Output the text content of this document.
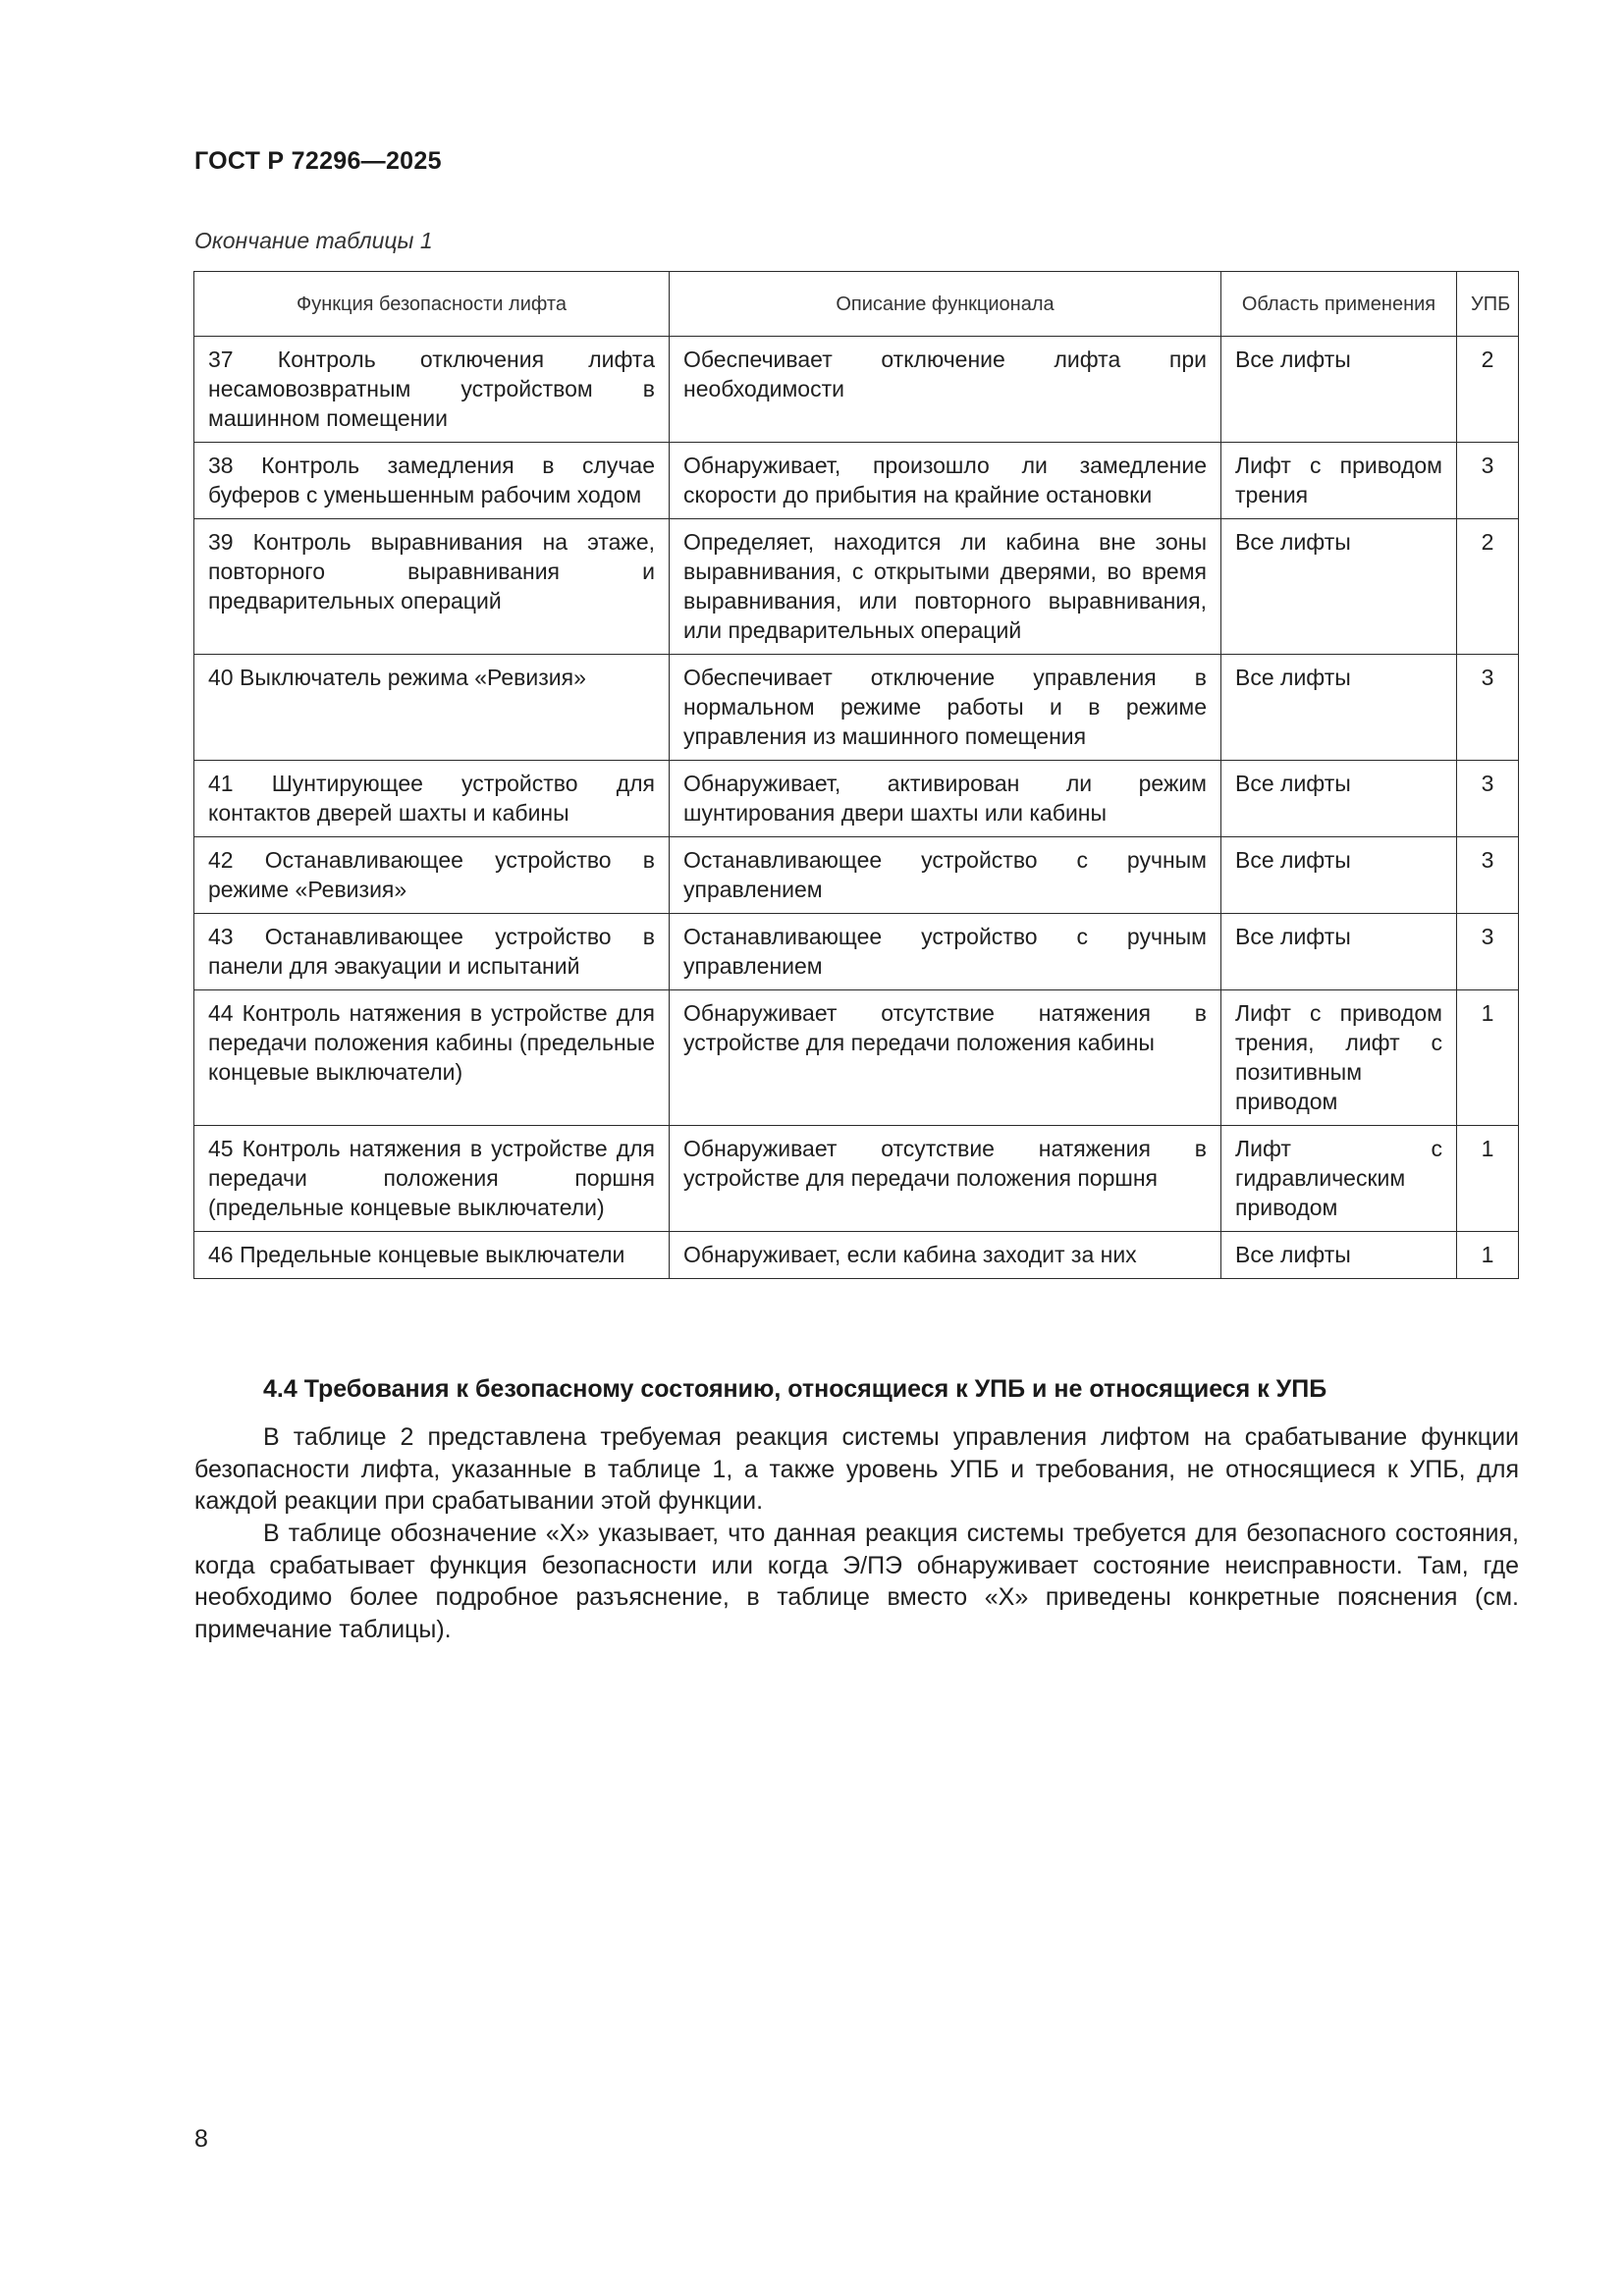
ГОСТ Р 72296—2025
Окончание таблицы 1
Функция безопасности лифта	Описание функционала	Область применения	УПБ
37 Контроль отключения лифта несамовозвратным устройством в машинном помещении	Обеспечивает отключение лифта при необходимости	Все лифты	2
38 Контроль замедления в случае буферов с уменьшенным рабочим ходом	Обнаруживает, произошло ли замедление скорости до прибытия на крайние остановки	Лифт с приводом трения	3
39 Контроль выравнивания на этаже, повторного выравнивания и предварительных операций	Определяет, находится ли кабина вне зоны выравнивания, с открытыми дверями, во время выравнивания, или повторного выравнивания, или предварительных операций	Все лифты	2
40 Выключатель режима «Ревизия»	Обеспечивает отключение управления в нормальном режиме работы и в режиме управления из машинного помещения	Все лифты	3
41 Шунтирующее устройство для контактов дверей шахты и кабины	Обнаруживает, активирован ли режим шунтирования двери шахты или кабины	Все лифты	3
42 Останавливающее устройство в режиме «Ревизия»	Останавливающее устройство с ручным управлением	Все лифты	3
43 Останавливающее устройство в панели для эвакуации и испытаний	Останавливающее устройство с ручным управлением	Все лифты	3
44 Контроль натяжения в устройстве для передачи положения кабины (предельные концевые выключатели)	Обнаруживает отсутствие натяжения в устройстве для передачи положения кабины	Лифт с приводом трения, лифт с позитивным приводом	1
45 Контроль натяжения в устройстве для передачи положения поршня (предельные концевые выключатели)	Обнаруживает отсутствие натяжения в устройстве для передачи положения поршня	Лифт с гидравлическим приводом	1
46 Предельные концевые выключатели	Обнаруживает, если кабина заходит за них	Все лифты	1
4.4 Требования к безопасному состоянию, относящиеся к УПБ и не относящиеся к УПБ

В таблице 2 представлена требуемая реакция системы управления лифтом на срабатывание функции безопасности лифта, указанные в таблице 1, а также уровень УПБ и требования, не относящиеся к УПБ, для каждой реакции при срабатывании этой функции.

В таблице обозначение «X» указывает, что данная реакция системы требуется для безопасного состояния, когда срабатывает функция безопасности или когда Э/ПЭ обнаруживает состояние неисправности. Там, где необходимо более подробное разъяснение, в таблице вместо «X» приведены конкретные пояснения (см. примечание таблицы).

8
